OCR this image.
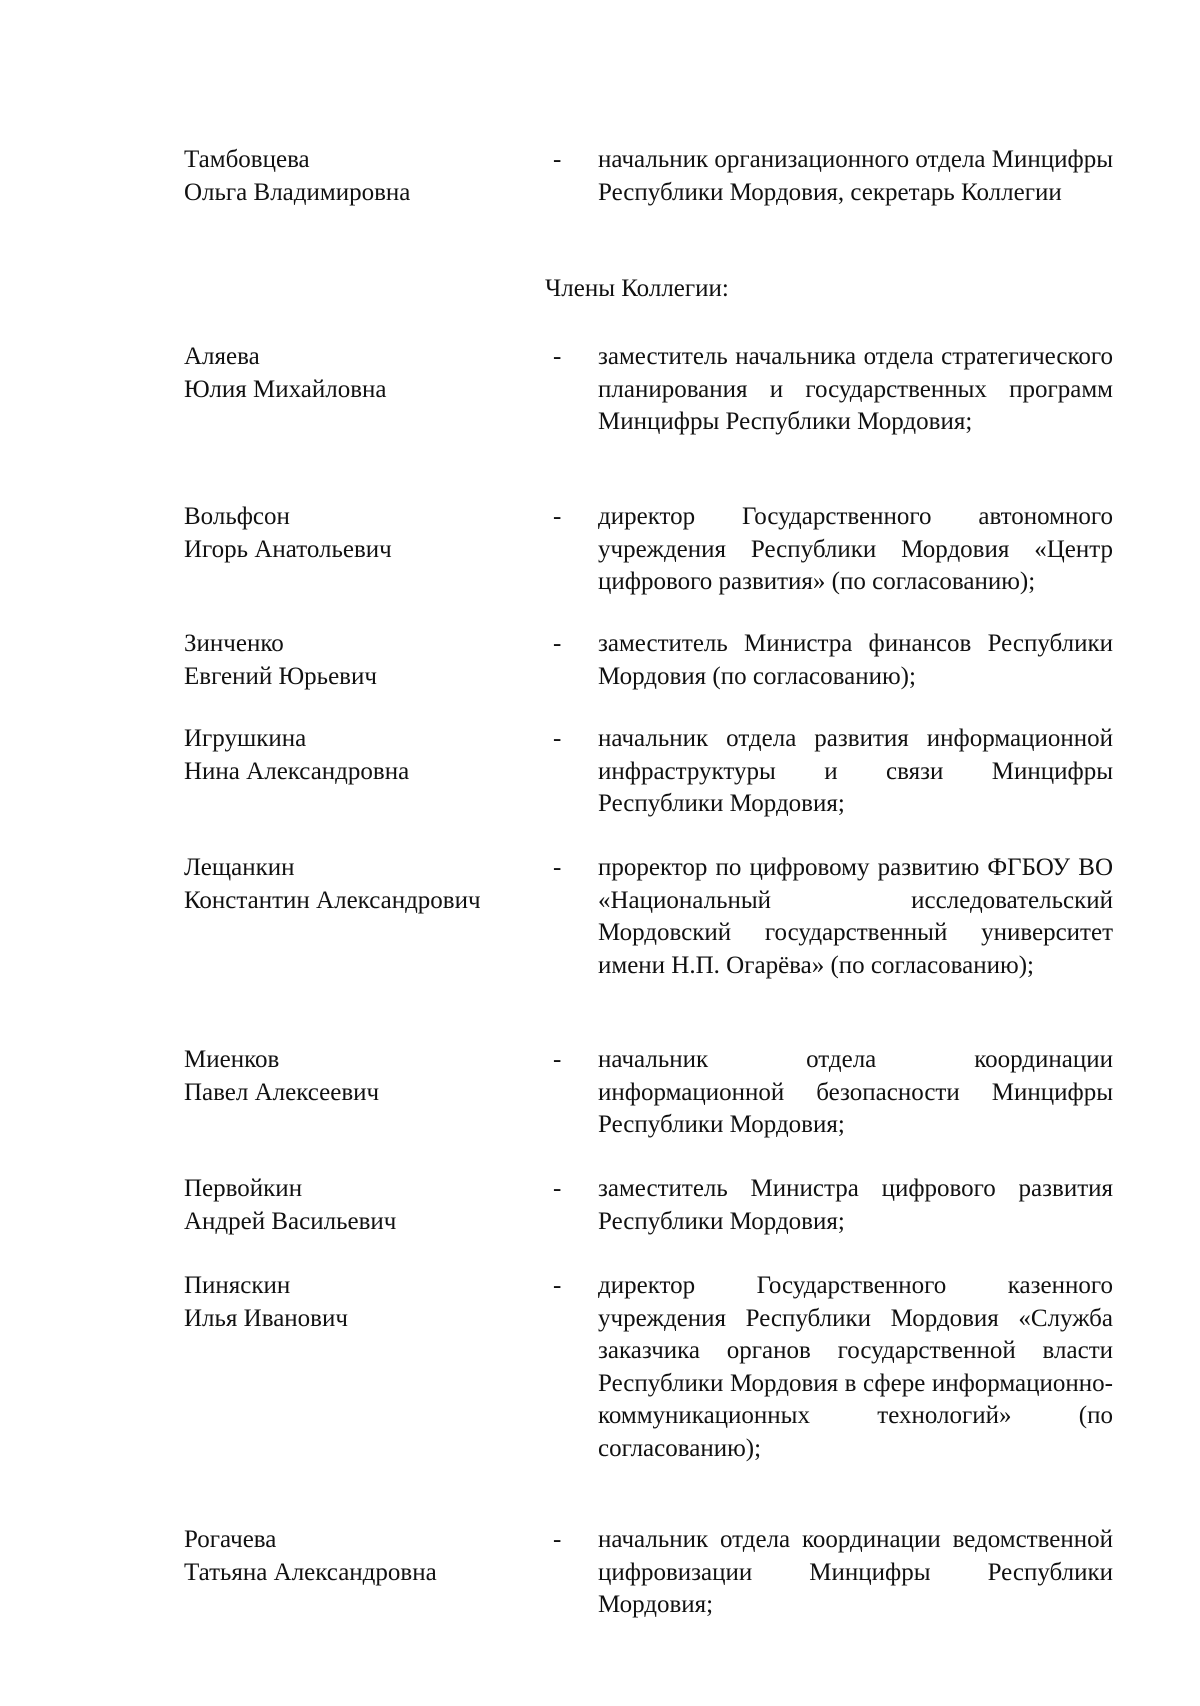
Тамбовцева
Ольга Владимировна
- начальник организационного отдела Минцифры Республики Мордовия, секретарь Коллегии
Члены Коллегии:
Аляева
Юлия Михайловна
- заместитель начальника отдела стратегического планирования и государственных программ Минцифры Республики Мордовия;
Вольфсон
Игорь Анатольевич
- директор Государственного автономного учреждения Республики Мордовия «Центр цифрового развития» (по согласованию);
Зинченко
Евгений Юрьевич
- заместитель Министра финансов Республики Мордовия (по согласованию);
Игрушкина
Нина Александровна
- начальник отдела развития информационной инфраструктуры и связи Минцифры Республики Мордовия;
Лещанкин
Константин Александрович
- проректор по цифровому развитию ФГБОУ ВО «Национальный исследовательский Мордовский государственный университет имени Н.П. Огарёва» (по согласованию);
Миенков
Павел Алексеевич
- начальник отдела координации информационной безопасности Минцифры Республики Мордовия;
Первойкин
Андрей Васильевич
- заместитель Министра цифрового развития Республики Мордовия;
Пиняскин
Илья Иванович
- директор Государственного казенного учреждения Республики Мордовия «Служба заказчика органов государственной власти Республики Мордовия в сфере информационно-коммуникационных технологий» (по согласованию);
Рогачева
Татьяна Александровна
- начальник отдела координации ведомственной цифровизации Минцифры Республики Мордовия;
